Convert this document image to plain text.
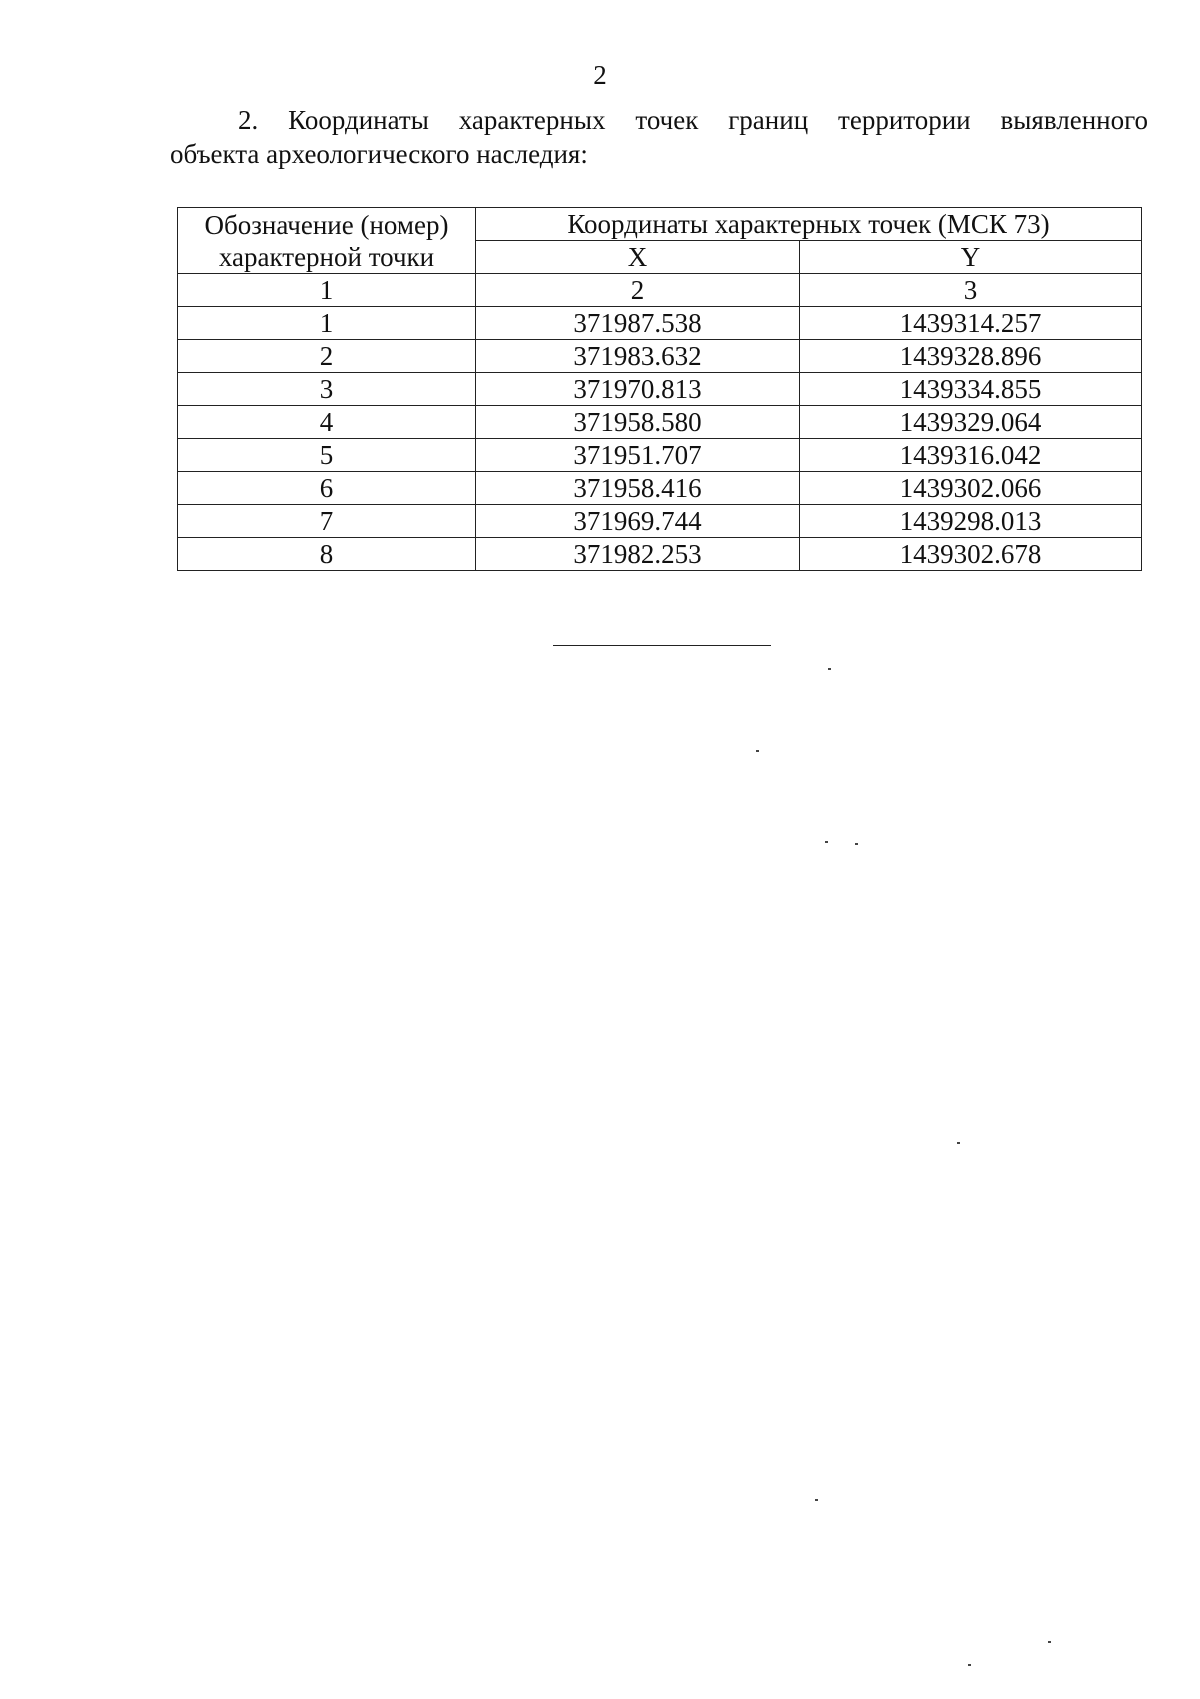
2

2. Координаты характерных точек границ территории выявленного
объекта археологического наследия:

Обозначение (номер) характерной точки	Координаты характерных точек (МСК 73)	
	X	Y
1	2	3
1	371987.538	1439314.257
2	371983.632	1439328.896
3	371970.813	1439334.855
4	371958.580	1439329.064
5	371951.707	1439316.042
6	371958.416	1439302.066
7	371969.744	1439298.013
8	371982.253	1439302.678
